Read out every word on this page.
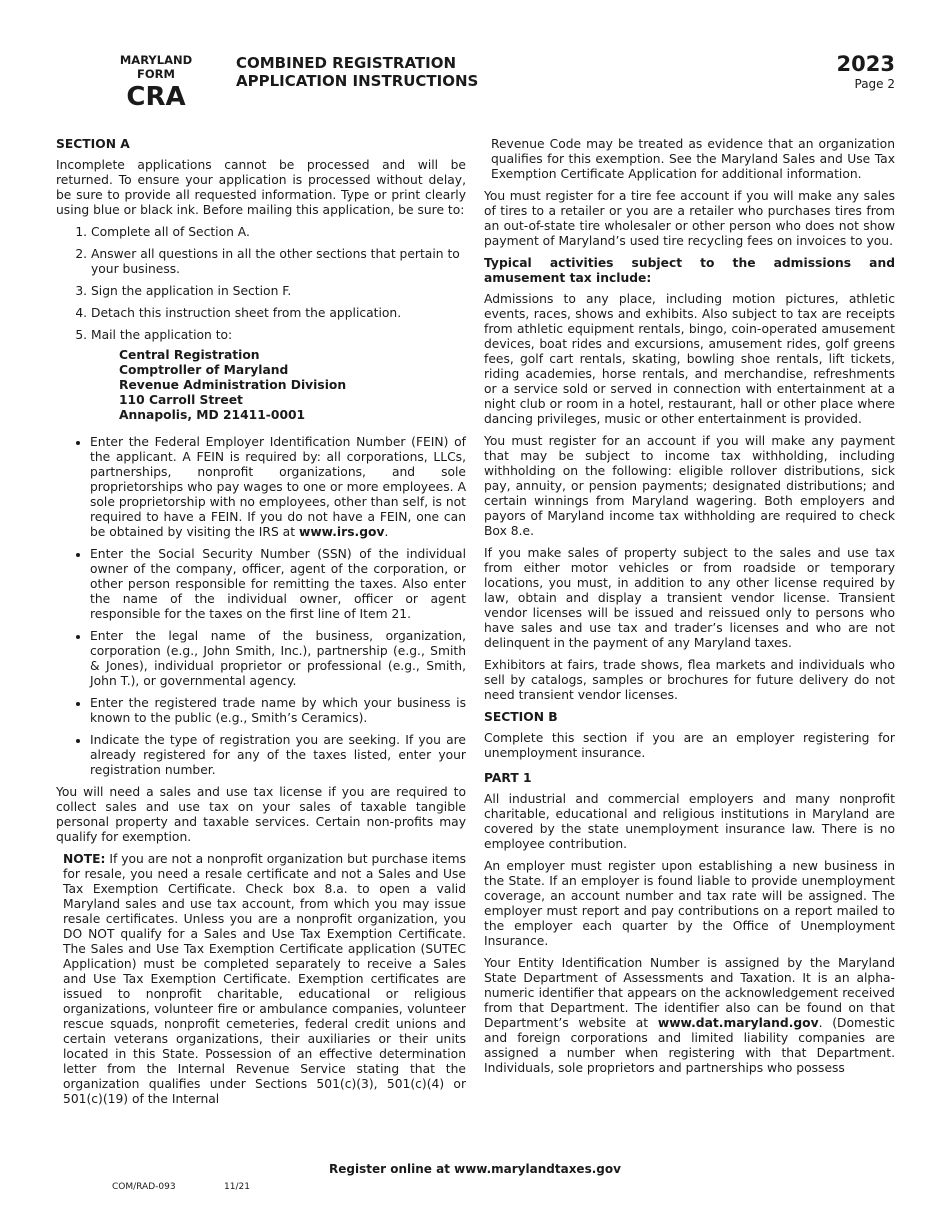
MARYLAND
FORM
CRA
COMBINED REGISTRATION
APPLICATION INSTRUCTIONS
2023
Page 2
SECTION A

Incomplete applications cannot be processed and will be returned. To ensure your application is processed without delay, be sure to provide all requested information. Type or print clearly using blue or black ink. Before mailing this application, be sure to:

1. Complete all of Section A.
2. Answer all questions in all the other sections that pertain to your business.
3. Sign the application in Section F.
4. Detach this instruction sheet from the application.
5. Mail the application to:
Central Registration
Comptroller of Maryland
Revenue Administration Division
110 Carroll Street
Annapolis, MD 21411-0001
• Enter the Federal Employer Identification Number (FEIN) of the applicant. A FEIN is required by: all corporations, LLCs, partnerships, nonprofit organizations, and sole proprietorships who pay wages to one or more employees. A sole proprietorship with no employees, other than self, is not required to have a FEIN. If you do not have a FEIN, one can be obtained by visiting the IRS at www.irs.gov.
• Enter the Social Security Number (SSN) of the individual owner of the company, officer, agent of the corporation, or other person responsible for remitting the taxes. Also enter the name of the individual owner, officer or agent responsible for the taxes on the first line of Item 21.
• Enter the legal name of the business, organization, corporation (e.g., John Smith, Inc.), partnership (e.g., Smith & Jones), individual proprietor or professional (e.g., Smith, John T.), or governmental agency.
• Enter the registered trade name by which your business is known to the public (e.g., Smith’s Ceramics).
• Indicate the type of registration you are seeking. If you are already registered for any of the taxes listed, enter your registration number.

You will need a sales and use tax license if you are required to collect sales and use tax on your sales of taxable tangible personal property and taxable services. Certain non-profits may qualify for exemption.

NOTE: If you are not a nonprofit organization but purchase items for resale, you need a resale certificate and not a Sales and Use Tax Exemption Certificate. Check box 8.a. to open a valid Maryland sales and use tax account, from which you may issue resale certificates. Unless you are a nonprofit organization, you DO NOT qualify for a Sales and Use Tax Exemption Certificate. The Sales and Use Tax Exemption Certificate application (SUTEC Application) must be completed separately to receive a Sales and Use Tax Exemption Certificate. Exemption certificates are issued to nonprofit charitable, educational or religious organizations, volunteer fire or ambulance companies, volunteer rescue squads, nonprofit cemeteries, federal credit unions and certain veterans organizations, their auxiliaries or their units located in this State. Possession of an effective determination letter from the Internal Revenue Service stating that the organization qualifies under Sections 501(c)(3), 501(c)(4) or 501(c)(19) of the Internal

Revenue Code may be treated as evidence that an organization qualifies for this exemption. See the Maryland Sales and Use Tax Exemption Certificate Application for additional information.

You must register for a tire fee account if you will make any sales of tires to a retailer or you are a retailer who purchases tires from an out-of-state tire wholesaler or other person who does not show payment of Maryland’s used tire recycling fees on invoices to you.

Typical activities subject to the admissions and amusement tax include:

Admissions to any place, including motion pictures, athletic events, races, shows and exhibits. Also subject to tax are receipts from athletic equipment rentals, bingo, coin-operated amusement devices, boat rides and excursions, amusement rides, golf greens fees, golf cart rentals, skating, bowling shoe rentals, lift tickets, riding academies, horse rentals, and merchandise, refreshments or a service sold or served in connection with entertainment at a night club or room in a hotel, restaurant, hall or other place where dancing privileges, music or other entertainment is provided.

You must register for an account if you will make any payment that may be subject to income tax withholding, including withholding on the following: eligible rollover distributions, sick pay, annuity, or pension payments; designated distributions; and certain winnings from Maryland wagering. Both employers and payors of Maryland income tax withholding are required to check Box 8.e.

If you make sales of property subject to the sales and use tax from either motor vehicles or from roadside or temporary locations, you must, in addition to any other license required by law, obtain and display a transient vendor license. Transient vendor licenses will be issued and reissued only to persons who have sales and use tax and trader’s licenses and who are not delinquent in the payment of any Maryland taxes.

Exhibitors at fairs, trade shows, flea markets and individuals who sell by catalogs, samples or brochures for future delivery do not need transient vendor licenses.

SECTION B

Complete this section if you are an employer registering for unemployment insurance.

PART 1

All industrial and commercial employers and many nonprofit charitable, educational and religious institutions in Maryland are covered by the state unemployment insurance law. There is no employee contribution.

An employer must register upon establishing a new business in the State. If an employer is found liable to provide unemployment coverage, an account number and tax rate will be assigned. The employer must report and pay contributions on a report mailed to the employer each quarter by the Office of Unemployment Insurance.

Your Entity Identification Number is assigned by the Maryland State Department of Assessments and Taxation. It is an alpha-numeric identifier that appears on the acknowledgement received from that Department. The identifier also can be found on that Department’s website at www.dat.maryland.gov. (Domestic and foreign corporations and limited liability companies are assigned a number when registering with that Department. Individuals, sole proprietors and partnerships who possess

Register online at www.marylandtaxes.gov
COM/RAD-093	11/21
